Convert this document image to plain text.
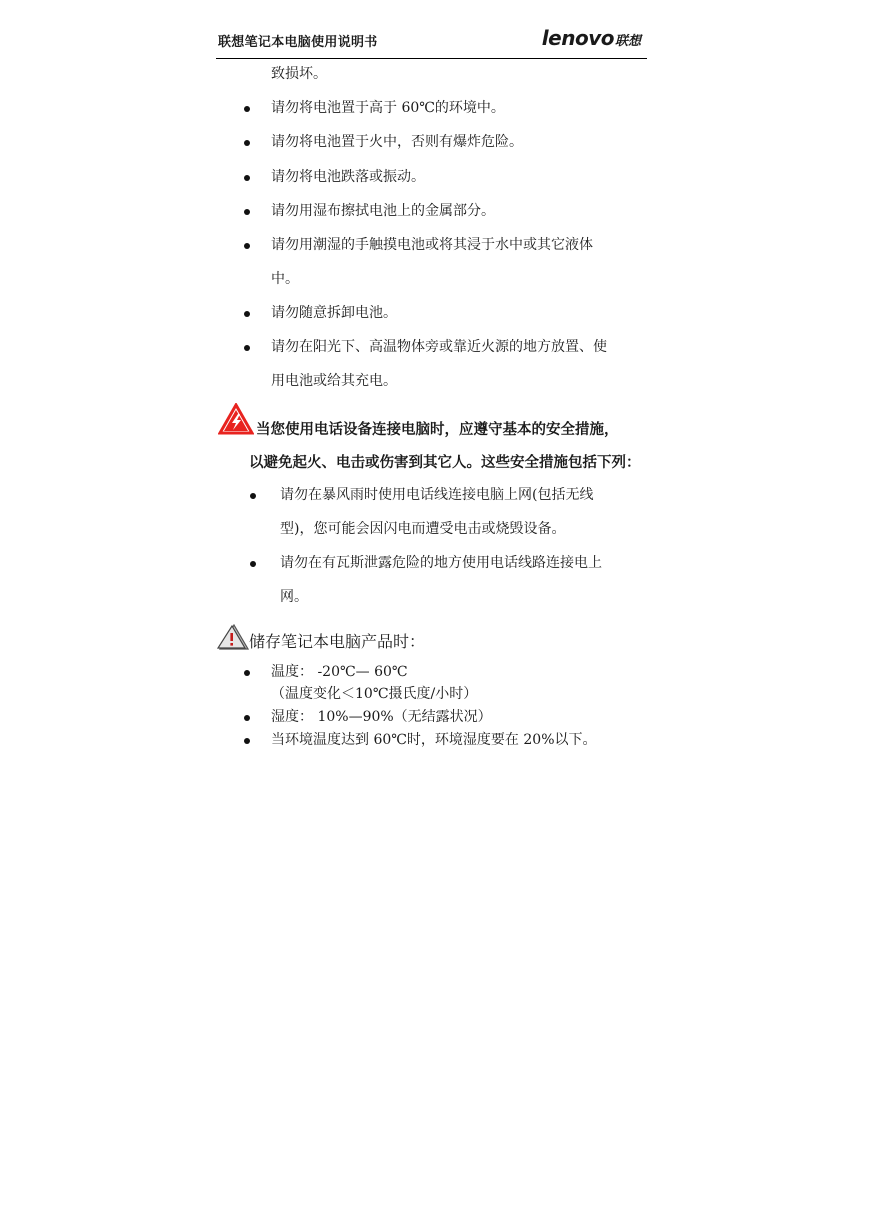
联想笔记本电脑使用说明书	lenovo 联想
致损坏。
请勿将电池置于高于 60℃的环境中。
请勿将电池置于火中，否则有爆炸危险。
请勿将电池跌落或振动。
请勿用湿布擦拭电池上的金属部分。
请勿用潮湿的手触摸电池或将其浸于水中或其它液体
中。
请勿随意拆卸电池。
请勿在阳光下、高温物体旁或靠近火源的地方放置、使
用电池或给其充电。
当您使用电话设备连接电脑时，应遵守基本的安全措施，
以避免起火、电击或伤害到其它人。这些安全措施包括下列：
请勿在暴风雨时使用电话线连接电脑上网(包括无线
型)，您可能会因闪电而遭受电击或烧毁设备。
请勿在有瓦斯泄露危险的地方使用电话线路连接电上
网。
储存笔记本电脑产品时：
温度： -20℃— 60℃
（温度变化＜10℃摄氏度/小时）
湿度： 10%—90%（无结露状况）
当环境温度达到 60℃时，环境湿度要在 20%以下。
